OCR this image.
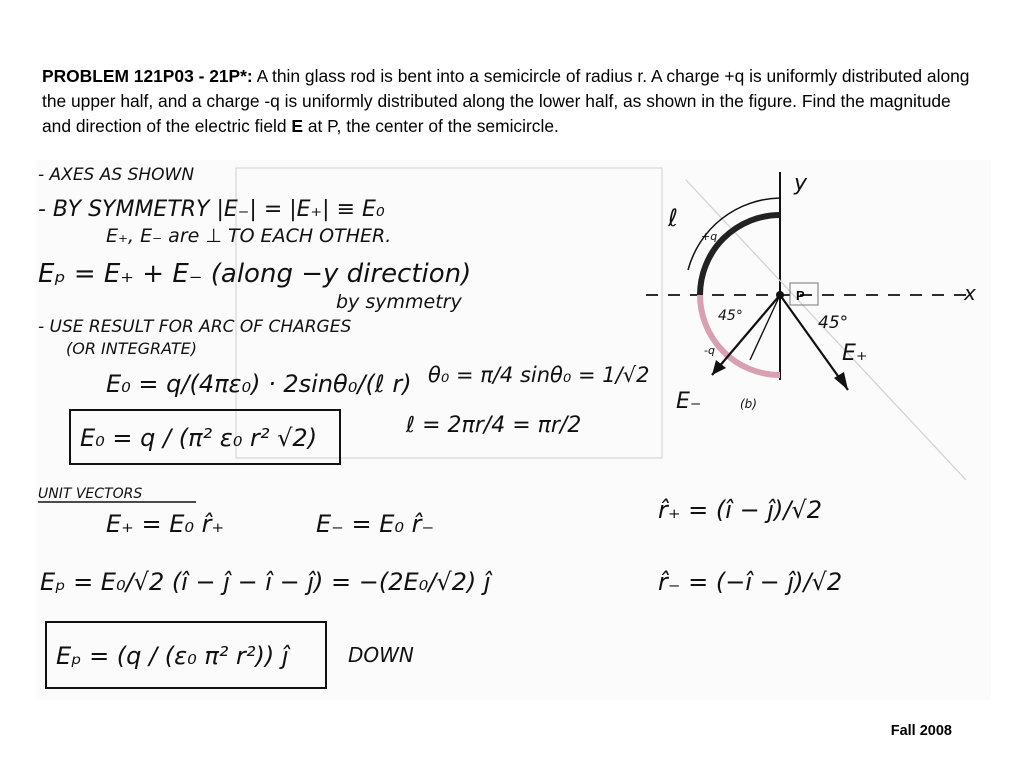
PROBLEM 121P03 - 21P*: A thin glass rod is bent into a semicircle of radius r. A charge +q is uniformly distributed along the upper half, and a charge -q is uniformly distributed along the lower half, as shown in the figure. Find the magnitude and direction of the electric field E at P, the center of the semicircle.
- AXES AS SHOWN
- BY SYMMETRY |E₋| = |E₊| ≡ E₀
E₊, E₋ are ⊥ TO EACH OTHER.
Eₚ = E₊ + E₋ (along −y direction)
by symmetry
- USE RESULT FOR ARC OF CHARGES
(OR INTEGRATE)
E₀ = q/(4πε₀) · 2sinθ₀/(ℓ r) θ₀ = π/4 sinθ₀ = 1/√2
ℓ = 2πr/4 = πr/2
E₀ = q / (π² ε₀ r² √2)
UNIT VECTORS
E₊ = E₀ r̂₊	E₋ = E₀ r̂₋
Eₚ = E₀/√2 (î − ĵ − î − ĵ) = −(2E₀/√2) ĵ
Eₚ = (q / (ε₀ π² r²)) ĵ	DOWN
r̂₊ = (î − ĵ)/√2
r̂₋ = (−î − ĵ)/√2
y
x
ℓ
+q
-q
P
45°	45°
E₊
E₋	(b)
Fall 2008
